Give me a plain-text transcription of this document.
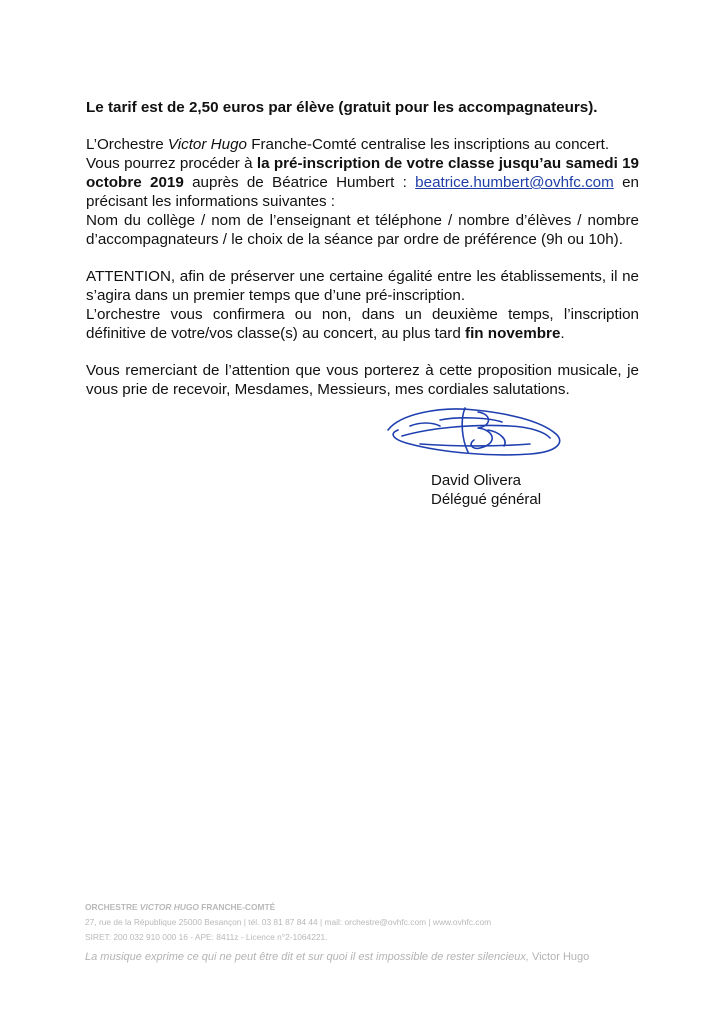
Le tarif est de 2,50 euros par élève (gratuit pour les accompagnateurs).

L’Orchestre Victor Hugo Franche-Comté centralise les inscriptions au concert.

Vous pourrez procéder à la pré-inscription de votre classe jusqu’au samedi 19 octobre 2019 auprès de Béatrice Humbert : beatrice.humbert@ovhfc.com en précisant les informations suivantes :

Nom du collège / nom de l’enseignant et téléphone / nombre d’élèves / nombre d’accompagnateurs / le choix de la séance par ordre de préférence (9h ou 10h).

ATTENTION, afin de préserver une certaine égalité entre les établissements, il ne s’agira dans un premier temps que d’une pré-inscription.

L’orchestre vous confirmera ou non, dans un deuxième temps, l’inscription définitive de votre/vos classe(s) au concert, au plus tard fin novembre.

Vous remerciant de l’attention que vous porterez à cette proposition musicale, je vous prie de recevoir, Mesdames, Messieurs, mes cordiales salutations.

David Olivera
Délégué général
ORCHESTRE VICTOR HUGO FRANCHE-COMTÉ
27, rue de la République 25000 Besançon | tél. 03 81 87 84 44 | mail: orchestre@ovhfc.com | www.ovhfc.com
SIRET: 200 032 910 000 16 - APE: 8411z - Licence n°2-1064221.
La musique exprime ce qui ne peut être dit et sur quoi il est impossible de rester silencieux, Victor Hugo
